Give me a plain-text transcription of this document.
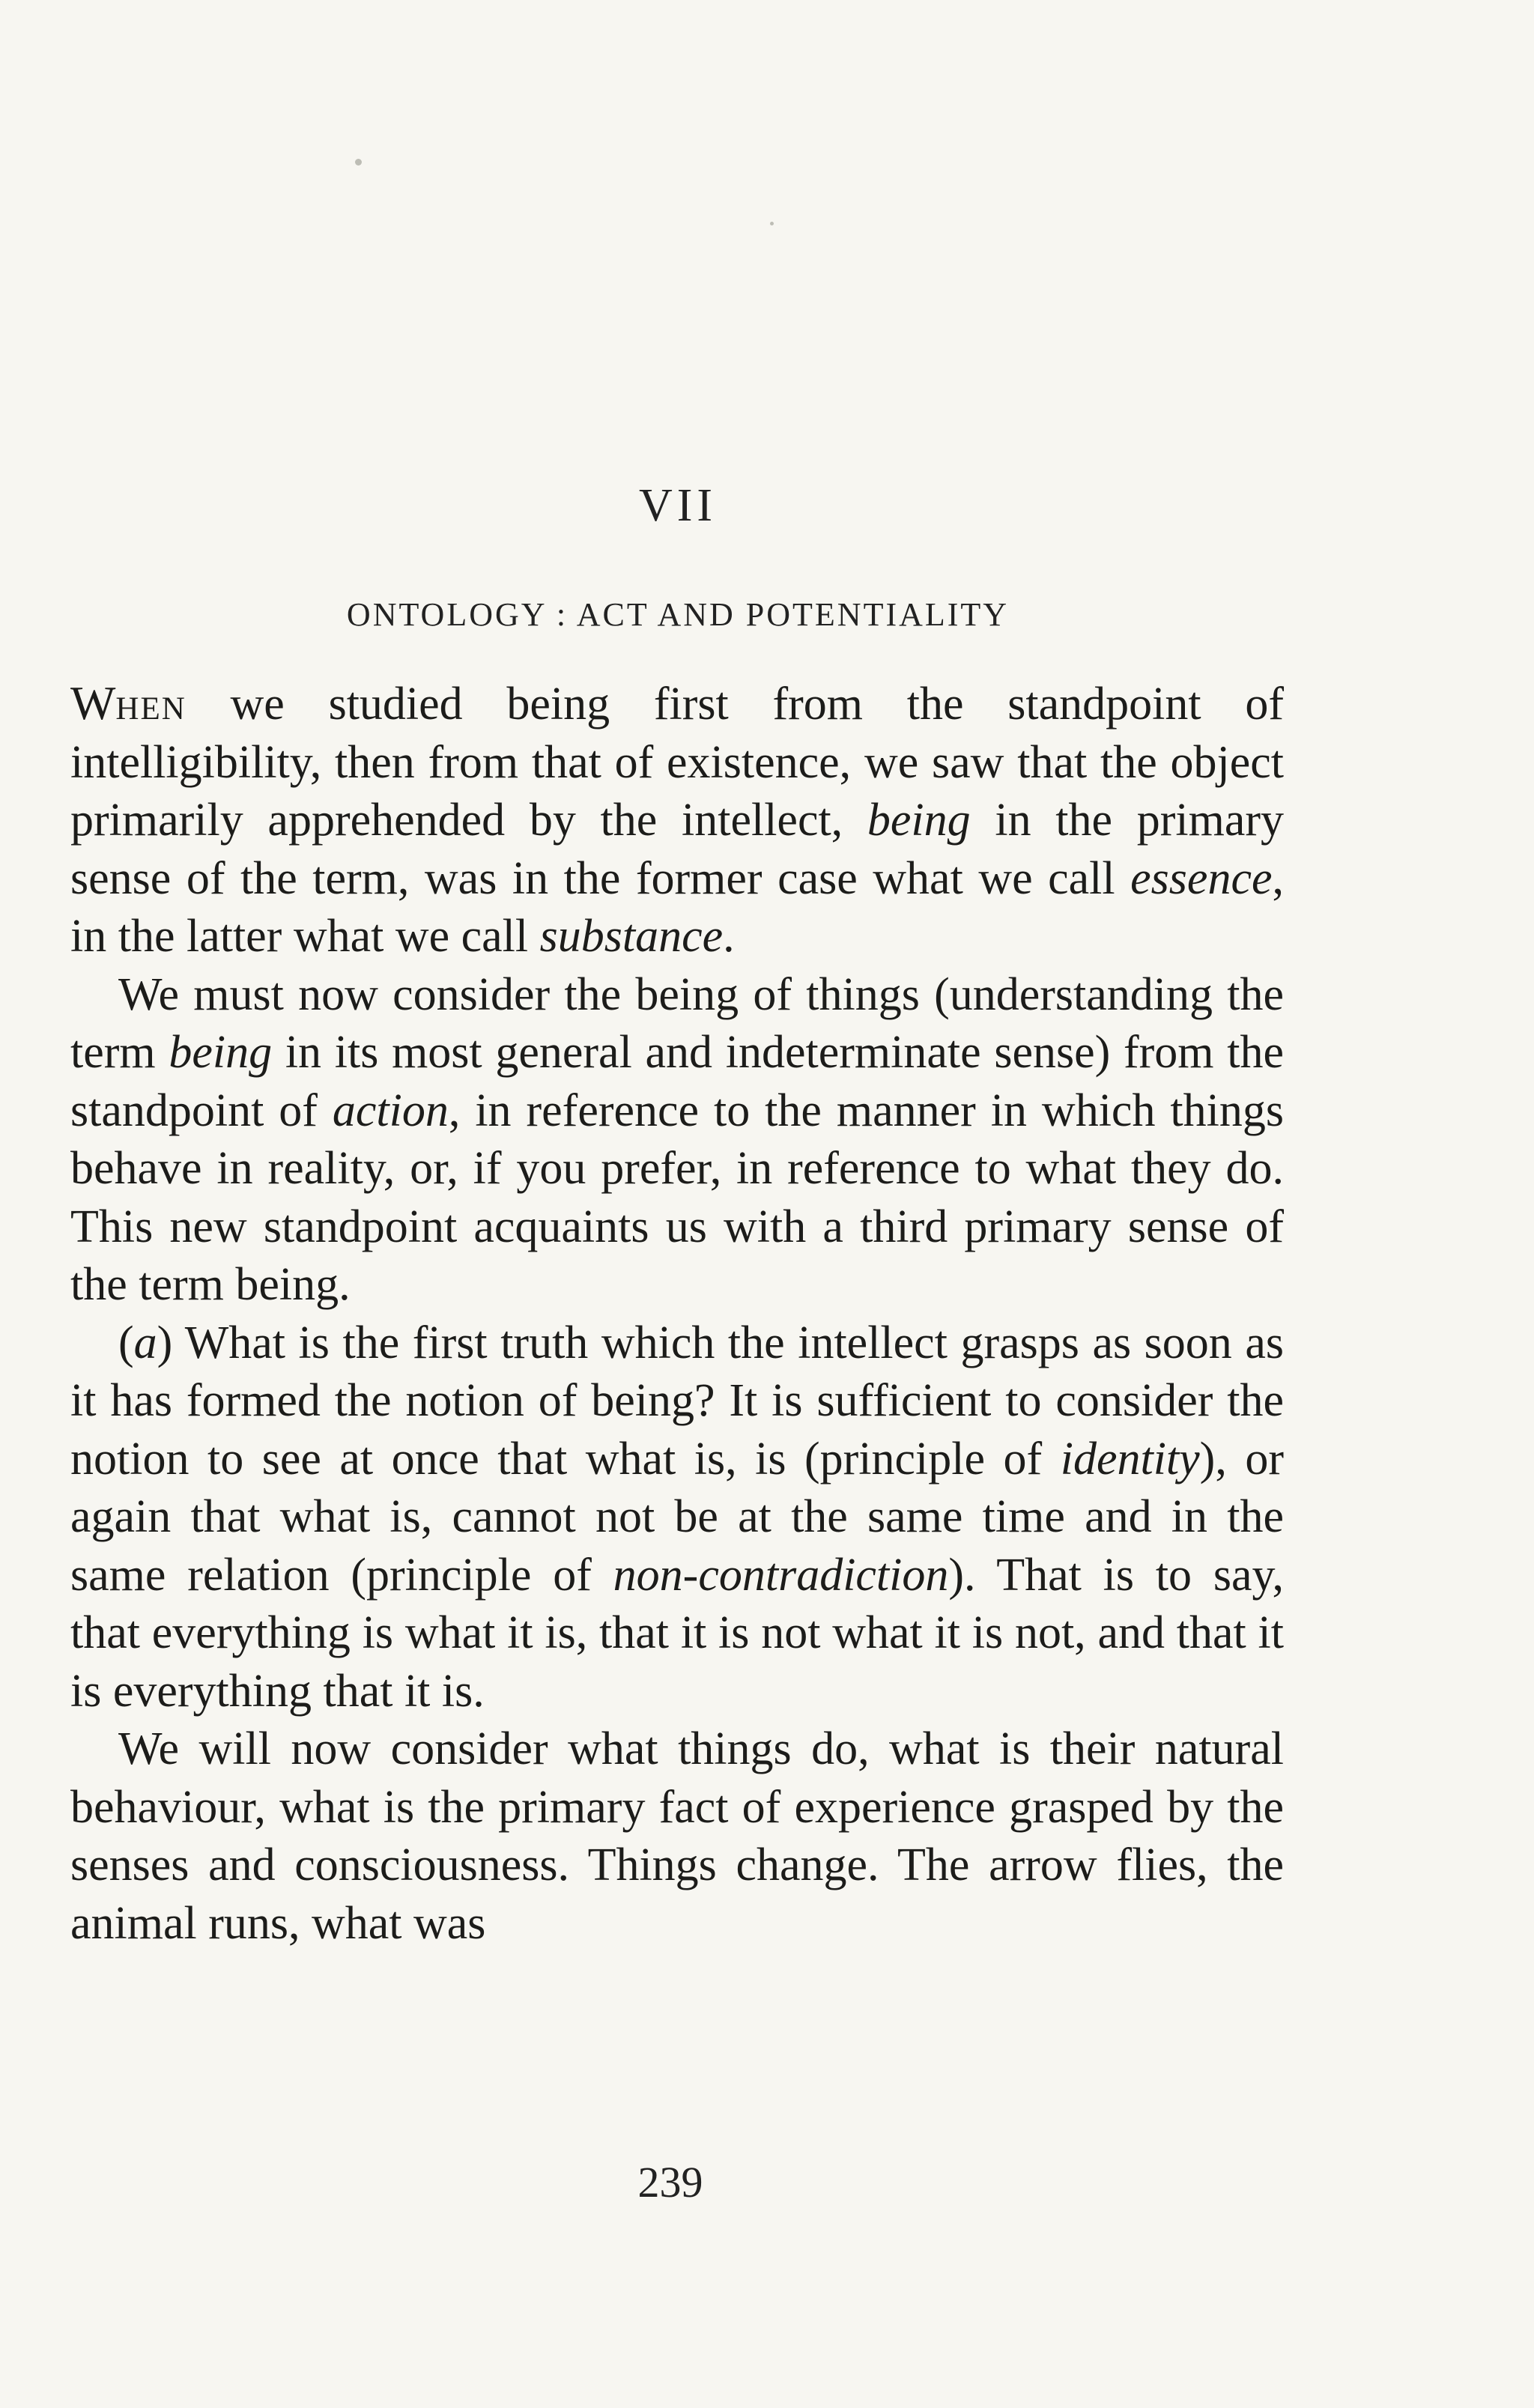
VII
ONTOLOGY : ACT AND POTENTIALITY

When we studied being first from the standpoint of intelligibility, then from that of existence, we saw that the object primarily apprehended by the intellect, being in the primary sense of the term, was in the former case what we call essence, in the latter what we call substance.

We must now consider the being of things (understanding the term being in its most general and indeterminate sense) from the standpoint of action, in reference to the manner in which things behave in reality, or, if you prefer, in reference to what they do. This new standpoint acquaints us with a third primary sense of the term being.

(a) What is the first truth which the intellect grasps as soon as it has formed the notion of being? It is sufficient to consider the notion to see at once that what is, is (principle of identity), or again that what is, cannot not be at the same time and in the same relation (principle of non-contradiction). That is to say, that everything is what it is, that it is not what it is not, and that it is everything that it is.

We will now consider what things do, what is their natural behaviour, what is the primary fact of experience grasped by the senses and consciousness. Things change. The arrow flies, the animal runs, what was

239
